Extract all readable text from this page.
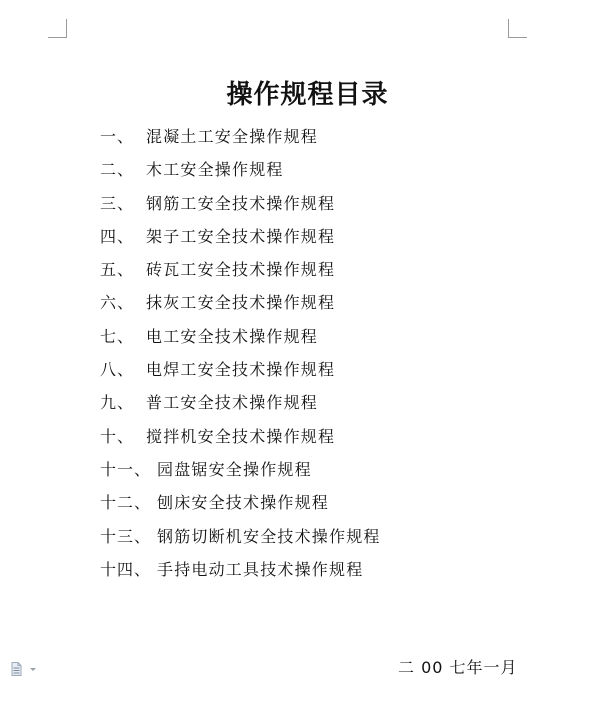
操作规程目录
一、 混凝土工安全操作规程
二、 木工安全操作规程
三、 钢筋工安全技术操作规程
四、 架子工安全技术操作规程
五、 砖瓦工安全技术操作规程
六、 抹灰工安全技术操作规程
七、 电工安全技术操作规程
八、 电焊工安全技术操作规程
九、 普工安全技术操作规程
十、 搅拌机安全技术操作规程
十一、 园盘锯安全操作规程
十二、 刨床安全技术操作规程
十三、 钢筋切断机安全技术操作规程
十四、 手持电动工具技术操作规程
二 00 七年一月
